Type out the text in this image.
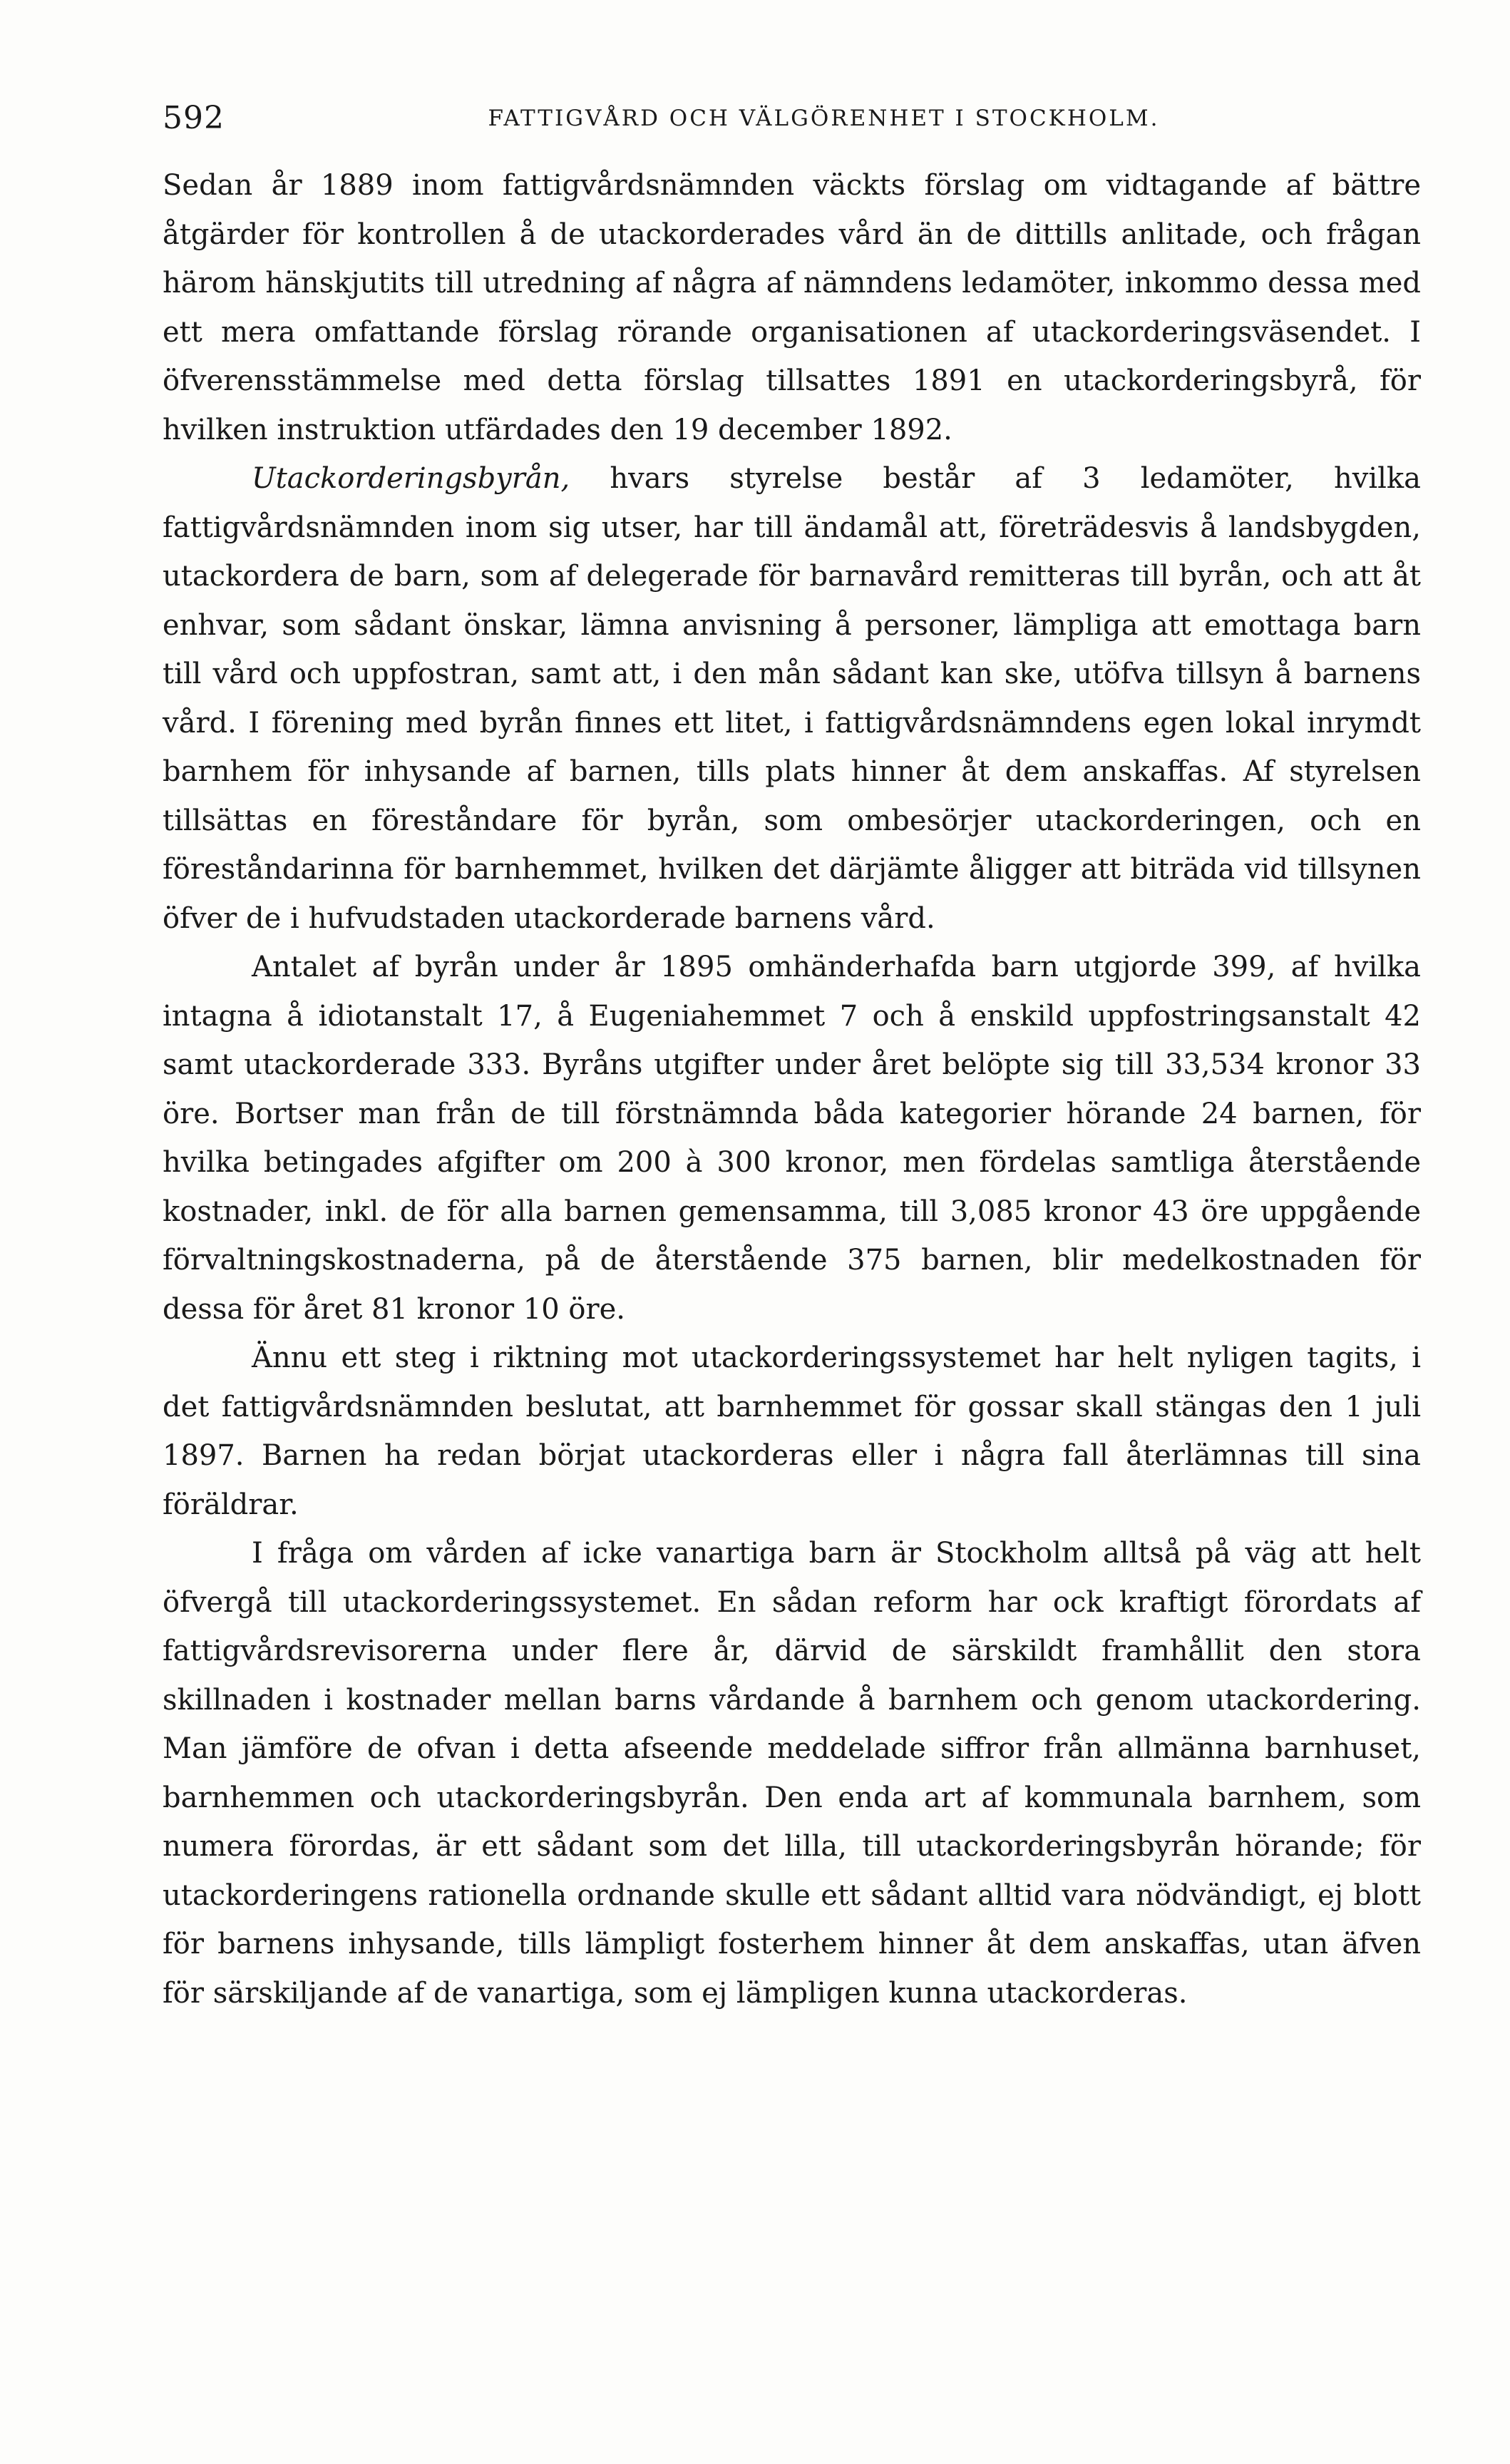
592	FATTIGVÅRD OCH VÄLGÖRENHET I STOCKHOLM.

Sedan år 1889 inom fattigvårdsnämnden väckts förslag om vidtagande af bättre åtgärder för kontrollen å de utackorderades vård än de dittills anlitade, och frågan härom hänskjutits till utredning af några af nämndens ledamöter, inkommo dessa med ett mera omfattande förslag rörande organisationen af utackorderingsväsendet. I öfverensstämmelse med detta förslag tillsattes 1891 en utackorderingsbyrå, för hvilken instruktion utfärdades den 19 december 1892.

Utackorderingsbyrån, hvars styrelse består af 3 ledamöter, hvilka fattigvårdsnämnden inom sig utser, har till ändamål att, företrädesvis å landsbygden, utackordera de barn, som af delegerade för barnavård remitteras till byrån, och att åt enhvar, som sådant önskar, lämna anvisning å personer, lämpliga att emottaga barn till vård och uppfostran, samt att, i den mån sådant kan ske, utöfva tillsyn å barnens vård. I förening med byrån finnes ett litet, i fattigvårdsnämndens egen lokal inrymdt barnhem för inhysande af barnen, tills plats hinner åt dem anskaffas. Af styrelsen tillsättas en föreståndare för byrån, som ombesörjer utackorderingen, och en föreståndarinna för barnhemmet, hvilken det därjämte åligger att biträda vid tillsynen öfver de i hufvudstaden utackorderade barnens vård.

Antalet af byrån under år 1895 omhänderhafda barn utgjorde 399, af hvilka intagna å idiotanstalt 17, å Eugeniahemmet 7 och å enskild uppfostringsanstalt 42 samt utackorderade 333. Byråns utgifter under året belöpte sig till 33,534 kronor 33 öre. Bortser man från de till förstnämnda båda kategorier hörande 24 barnen, för hvilka betingades afgifter om 200 à 300 kronor, men fördelas samtliga återstående kostnader, inkl. de för alla barnen gemensamma, till 3,085 kronor 43 öre uppgående förvaltningskostnaderna, på de återstående 375 barnen, blir medelkostnaden för dessa för året 81 kronor 10 öre.

Ännu ett steg i riktning mot utackorderingssystemet har helt nyligen tagits, i det fattigvårdsnämnden beslutat, att barnhemmet för gossar skall stängas den 1 juli 1897. Barnen ha redan börjat utackorderas eller i några fall återlämnas till sina föräldrar.

I fråga om vården af icke vanartiga barn är Stockholm alltså på väg att helt öfvergå till utackorderingssystemet. En sådan reform har ock kraftigt förordats af fattigvårdsrevisorerna under flere år, därvid de särskildt framhållit den stora skillnaden i kostnader mellan barns vårdande å barnhem och genom utackordering. Man jämföre de ofvan i detta afseende meddelade siffror från allmänna barnhuset, barnhemmen och utackorderingsbyrån. Den enda art af kommunala barnhem, som numera förordas, är ett sådant som det lilla, till utackorderingsbyrån hörande; för utackorderingens rationella ordnande skulle ett sådant alltid vara nödvändigt, ej blott för barnens inhysande, tills lämpligt fosterhem hinner åt dem anskaffas, utan äfven för särskiljande af de vanartiga, som ej lämpligen kunna utackorderas.
